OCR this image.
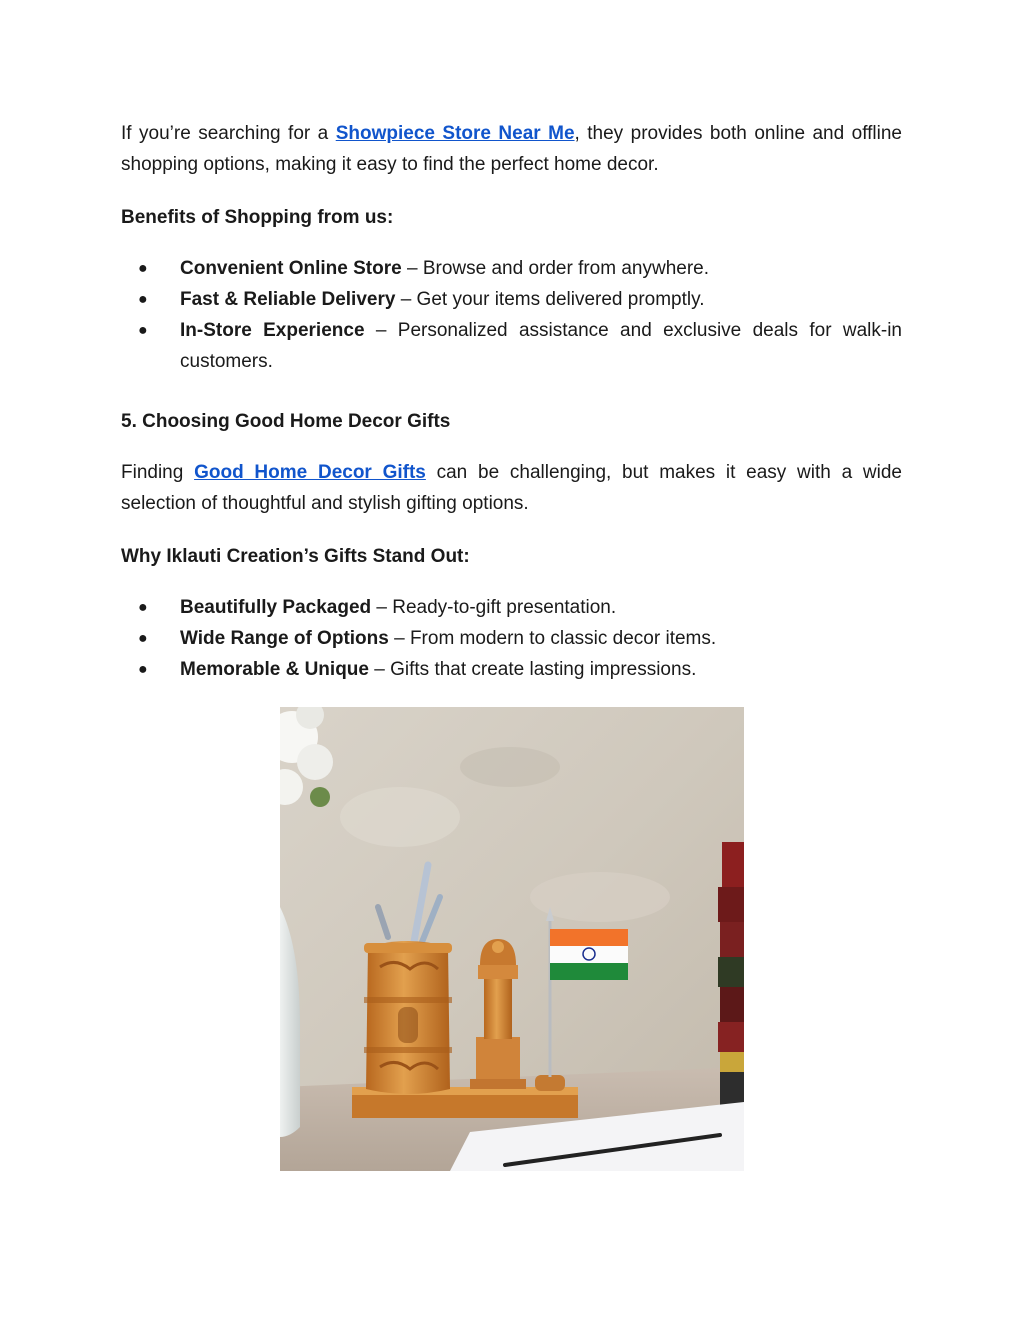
If you’re searching for a Showpiece Store Near Me, they provides both online and offline shopping options, making it easy to find the perfect home decor.

Benefits of Shopping from us:

● Convenient Online Store – Browse and order from anywhere.
● Fast & Reliable Delivery – Get your items delivered promptly.
● In-Store Experience – Personalized assistance and exclusive deals for walk-in customers.

5. Choosing Good Home Decor Gifts

Finding Good Home Decor Gifts can be challenging, but makes it easy with a wide selection of thoughtful and stylish gifting options.

Why Iklauti Creation’s Gifts Stand Out:

● Beautifully Packaged – Ready-to-gift presentation.
● Wide Range of Options – From modern to classic decor items.
● Memorable & Unique – Gifts that create lasting impressions.
